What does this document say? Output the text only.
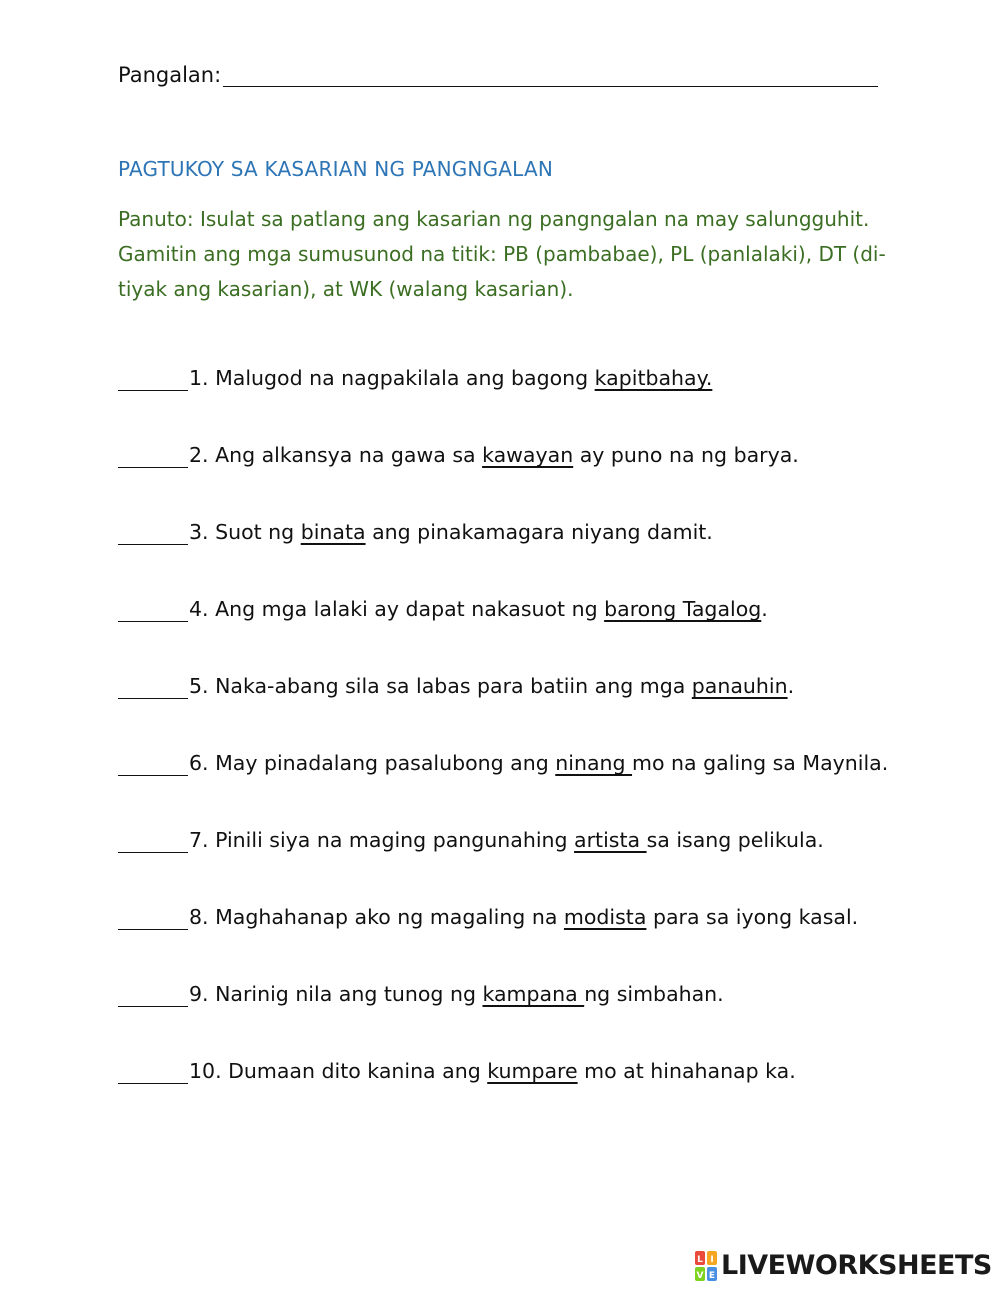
Pangalan:
PAGTUKOY SA KASARIAN NG PANGNGALAN
Panuto: Isulat sa patlang ang kasarian ng pangngalan na may salungguhit. Gamitin ang mga sumusunod na titik: PB (pambabae), PL (panlalaki), DT (di-tiyak ang kasarian), at WK (walang kasarian).
1. Malugod na nagpakilala ang bagong kapitbahay.
2. Ang alkansya na gawa sa kawayan ay puno na ng barya.
3. Suot ng binata ang pinakamagara niyang damit.
4. Ang mga lalaki ay dapat nakasuot ng barong Tagalog .
5. Naka-abang sila sa labas para batiin ang mga panauhin .
6. May pinadalang pasalubong ang ninang mo na galing sa Maynila.
7. Pinili siya na maging pangunahing artista sa isang pelikula.
8. Maghahanap ako ng magaling na modista para sa iyong kasal.
9. Narinig nila ang tunog ng kampana ng simbahan.
10. Dumaan dito kanina ang kumpare mo at hinahanap ka.
L I
V E LIVEWORKSHEETS
